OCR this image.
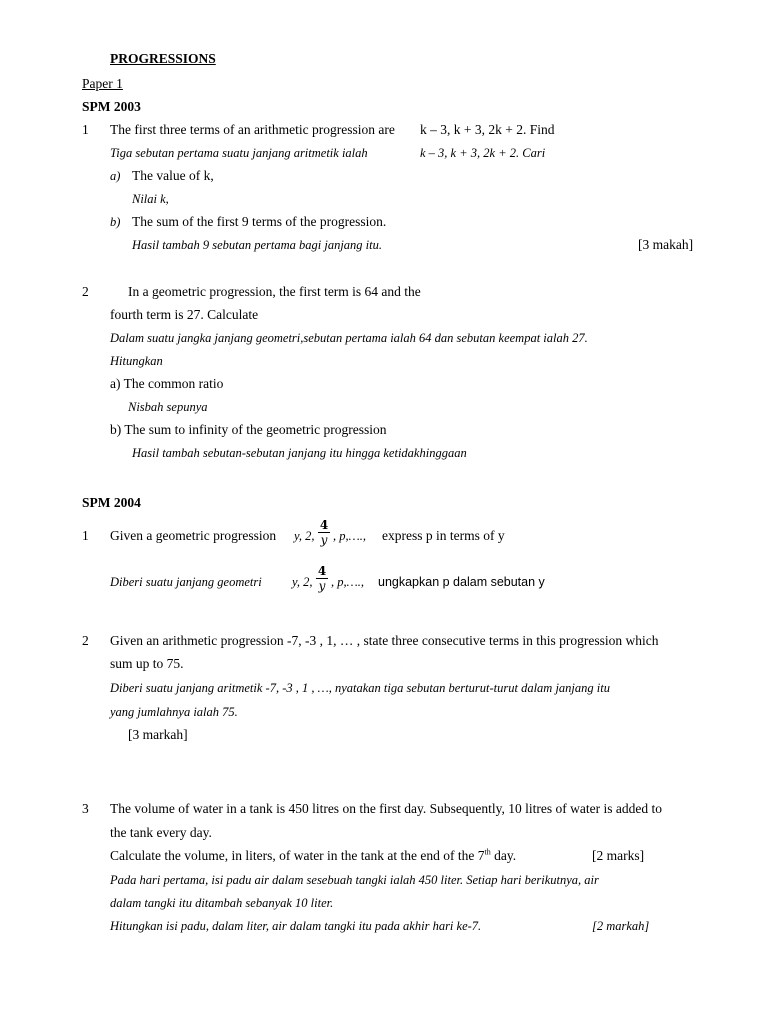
PROGRESSIONS
Paper 1
SPM 2003
1 The first three terms of an arithmetic progression are k – 3, k + 3, 2k + 2. Find
Tiga sebutan pertama suatu janjang aritmetik ialah	k – 3, k + 3, 2k + 2. Cari
a) The value of k,
Nilai k,
b) The sum of the first 9 terms of the progression.
Hasil tambah 9 sebutan pertama bagi janjang itu.	[3 makah]
2	In a geometric progression, the first term is 64 and the
fourth term is 27. Calculate
Dalam suatu jangka janjang geometri,sebutan pertama ialah 64 dan sebutan keempat ialah 27.
Hitungkan
a) The common ratio
Nisbah sepunya
b) The sum to infinity of the geometric progression
Hasil tambah sebutan-sebutan janjang itu hingga ketidakhinggaan
SPM 2004
1 Given a geometric progression y, 2,
4
y , p,…., express p in terms of y
Diberi suatu janjang geometri y, 2,
4
y , p,…., ungkapkan p dalam sebutan y
2 Given an arithmetic progression -7, -3 , 1, … , state three consecutive terms in this progression which
sum up to 75.
Diberi suatu janjang aritmetik -7, -3 , 1 , …, nyatakan tiga sebutan berturut-turut dalam janjang itu
yang jumlahnya ialah 75.
[3 markah]
3 The volume of water in a tank is 450 litres on the first day. Subsequently, 10 litres of water is added to
the tank every day.
Calculate the volume, in liters, of water in the tank at the end of the 7th day.	[2 marks]
Pada hari pertama, isi padu air dalam sesebuah tangki ialah 450 liter. Setiap hari berikutnya, air
dalam tangki itu ditambah sebanyak 10 liter.
Hitungkan isi padu, dalam liter, air dalam tangki itu pada akhir hari ke-7.	[2 markah]
